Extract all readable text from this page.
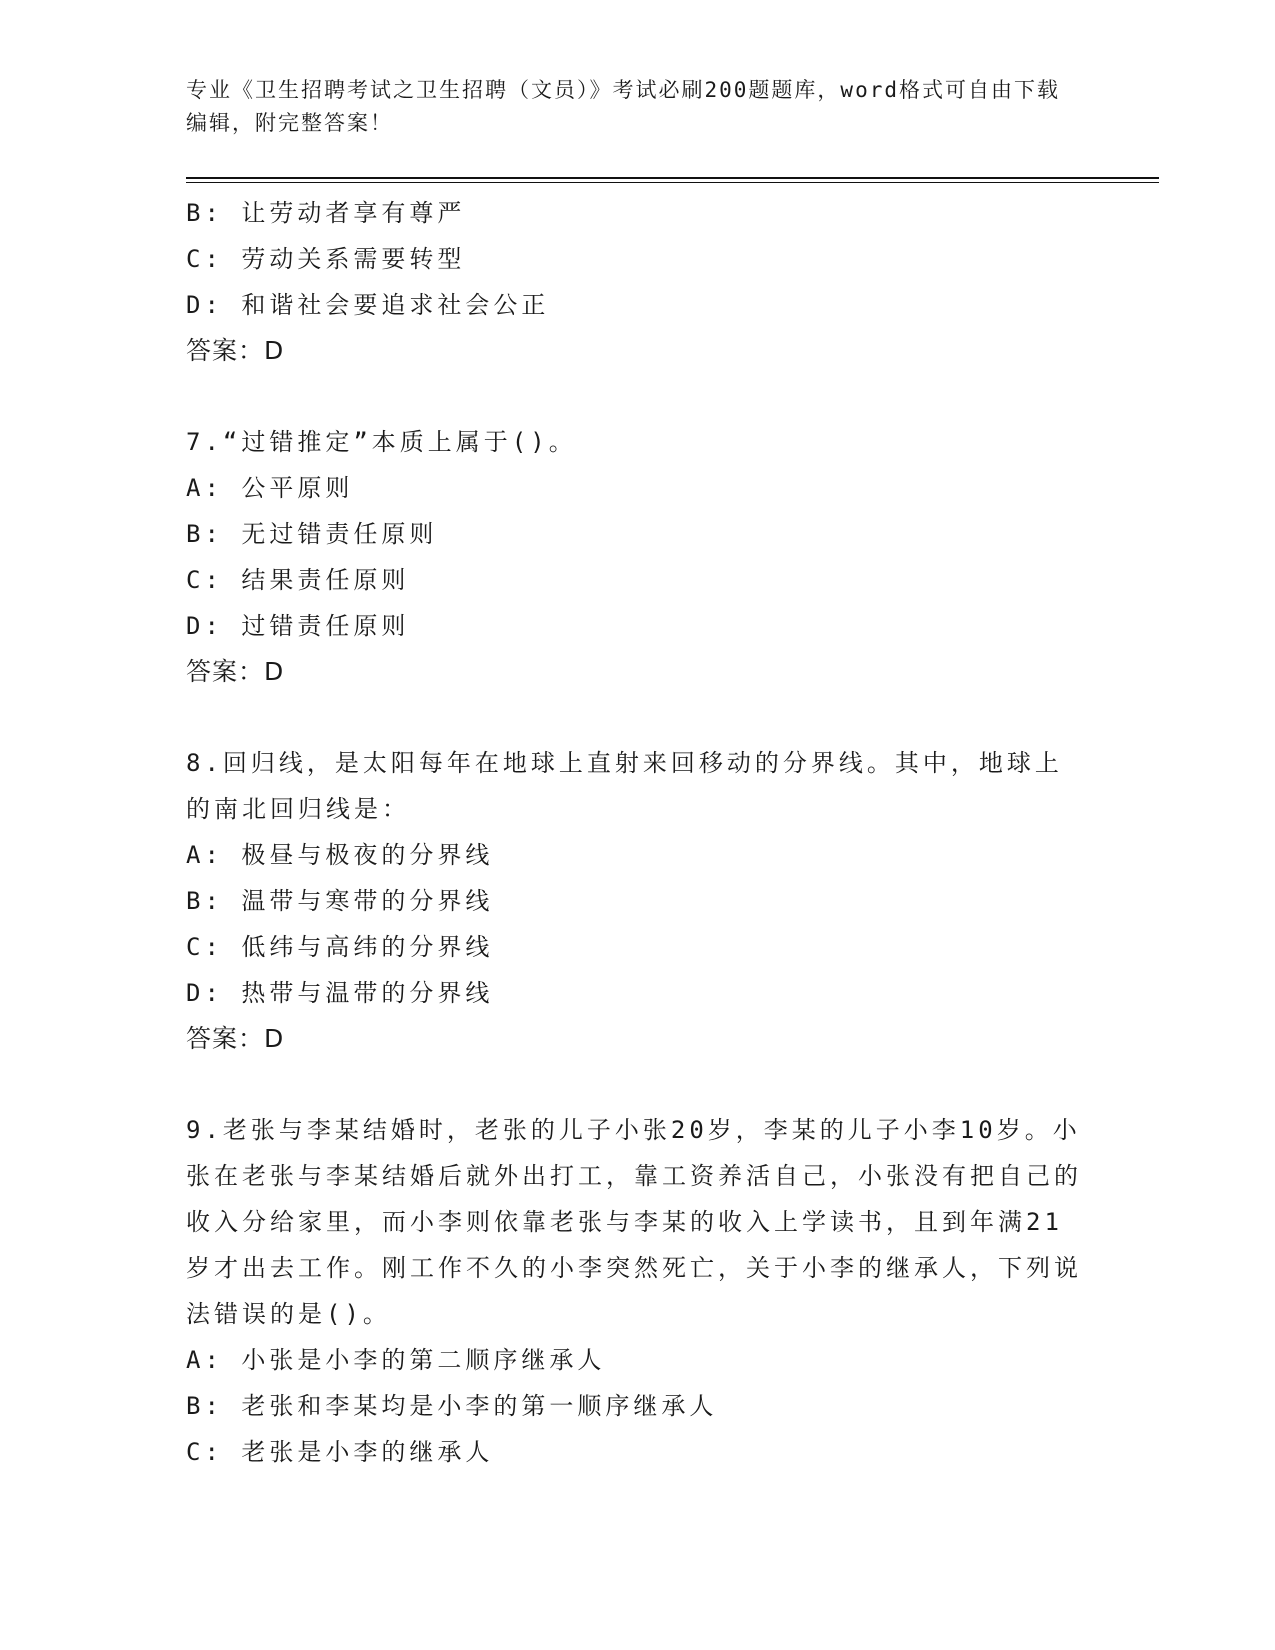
专业《卫生招聘考试之卫生招聘（文员）》考试必刷200题题库，word格式可自由下载编辑，附完整答案！
B: 让劳动者享有尊严
C: 劳动关系需要转型
D: 和谐社会要追求社会公正
答案：D
7.“过错推定”本质上属于()。
A: 公平原则
B: 无过错责任原则
C: 结果责任原则
D: 过错责任原则
答案：D
8.回归线，是太阳每年在地球上直射来回移动的分界线。其中，地球上的南北回归线是：
A: 极昼与极夜的分界线
B: 温带与寒带的分界线
C: 低纬与高纬的分界线
D: 热带与温带的分界线
答案：D
9.老张与李某结婚时，老张的儿子小张20岁，李某的儿子小李10岁。小张在老张与李某结婚后就外出打工，靠工资养活自己，小张没有把自己的收入分给家里，而小李则依靠老张与李某的收入上学读书，且到年满21岁才出去工作。刚工作不久的小李突然死亡，关于小李的继承人，下列说法错误的是()。
A: 小张是小李的第二顺序继承人
B: 老张和李某均是小李的第一顺序继承人
C: 老张是小李的继承人
